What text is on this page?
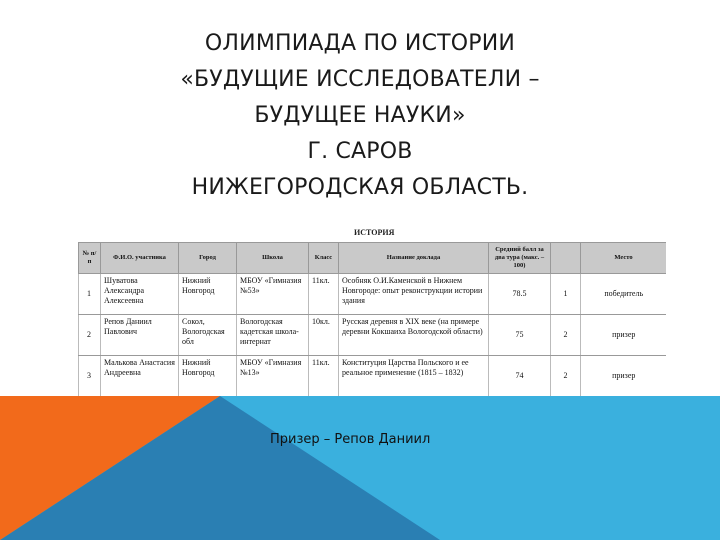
ОЛИМПИАДА ПО ИСТОРИИ
«БУДУЩИЕ ИССЛЕДОВАТЕЛИ –
БУДУЩЕЕ НАУКИ»
Г. САРОВ
НИЖЕГОРОДСКАЯ ОБЛАСТЬ.
ИСТОРИЯ
№ п/п	Ф.И.О. участника	Город	Школа	Класс	Название доклада	Средний балл за два тура (макс. – 100)		Место
1	Шуватова Александра Алексеевна	Нижний Новгород	МБОУ «Гимназия №53»	11кл.	Особняк О.И.Каменской в Нижнем Новгороде: опыт реконструкции истории здания	78.5	1	победитель
2	Репов Даниил Павлович	Сокол, Вологодская обл	Вологодская кадетская школа-интернат	10кл.	Русская деревня в XIX веке (на примере деревни Кокшаиха Вологодской области)	75	2	призер
3	Малькова Анастасия Андреевна	Нижний Новгород	МБОУ «Гимназия №13»	11кл.	Конституция Царства Польского и ее реальное применение (1815 – 1832)	74	2	призер
Призер – Репов Даниил
